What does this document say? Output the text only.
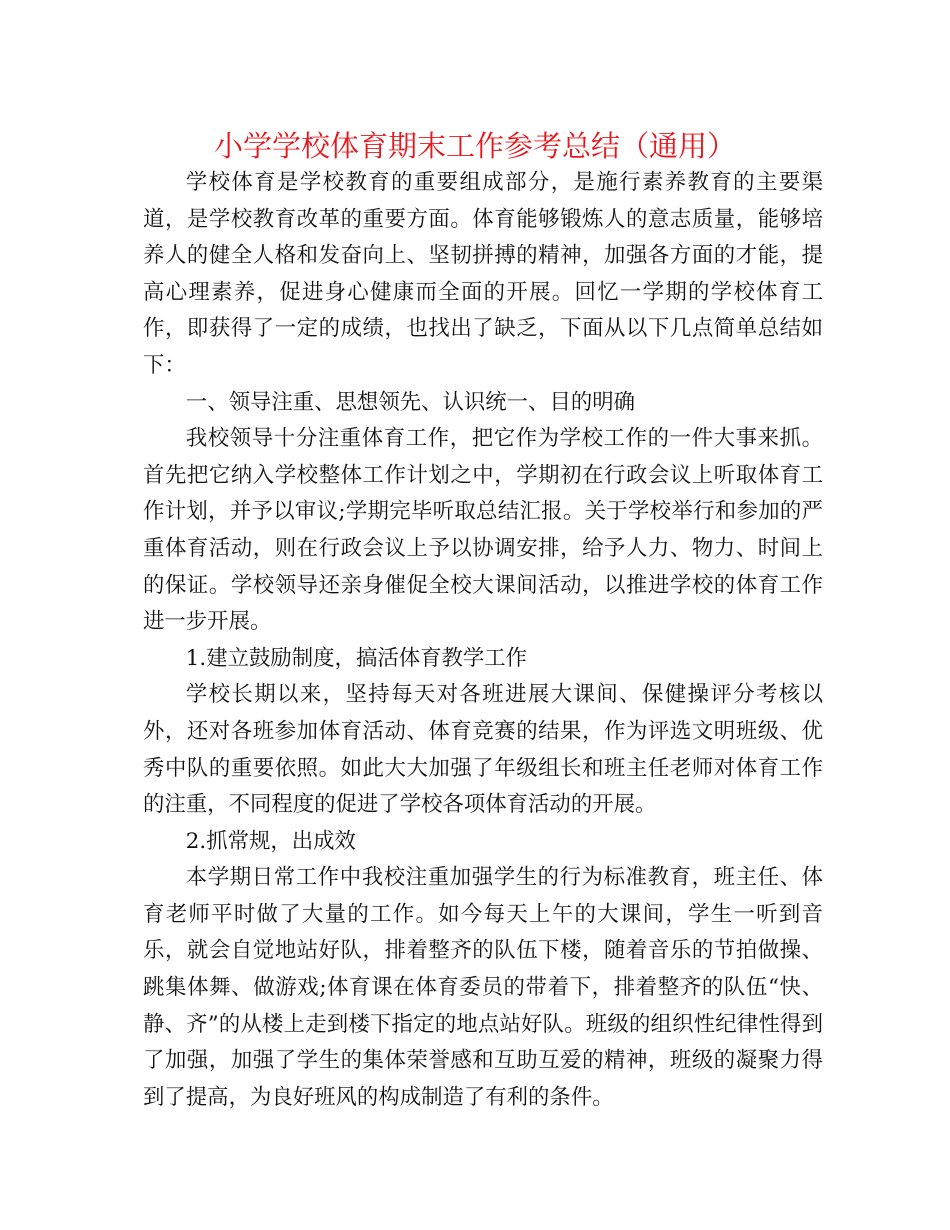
小学学校体育期末工作参考总结（通用）

学校体育是学校教育的重要组成部分，是施行素养教育的主要渠道，是学校教育改革的重要方面。体育能够锻炼人的意志质量，能够培养人的健全人格和发奋向上、坚韧拼搏的精神，加强各方面的才能，提高心理素养，促进身心健康而全面的开展。回忆一学期的学校体育工作，即获得了一定的成绩，也找出了缺乏，下面从以下几点简单总结如下：

一、领导注重、思想领先、认识统一、目的明确

我校领导十分注重体育工作，把它作为学校工作的一件大事来抓。首先把它纳入学校整体工作计划之中，学期初在行政会议上听取体育工作计划，并予以审议;学期完毕听取总结汇报。关于学校举行和参加的严重体育活动，则在行政会议上予以协调安排，给予人力、物力、时间上的保证。学校领导还亲身催促全校大课间活动，以推进学校的体育工作进一步开展。

1.建立鼓励制度，搞活体育教学工作

学校长期以来，坚持每天对各班进展大课间、保健操评分考核以外，还对各班参加体育活动、体育竞赛的结果，作为评选文明班级、优秀中队的重要依照。如此大大加强了年级组长和班主任老师对体育工作的注重，不同程度的促进了学校各项体育活动的开展。

2.抓常规，出成效

本学期日常工作中我校注重加强学生的行为标准教育，班主任、体育老师平时做了大量的工作。如今每天上午的大课间，学生一听到音乐，就会自觉地站好队，排着整齐的队伍下楼，随着音乐的节拍做操、跳集体舞、做游戏;体育课在体育委员的带着下，排着整齐的队伍“快、静、齐”的从楼上走到楼下指定的地点站好队。班级的组织性纪律性得到了加强，加强了学生的集体荣誉感和互助互爱的精神，班级的凝聚力得到了提高，为良好班风的构成制造了有利的条件。
